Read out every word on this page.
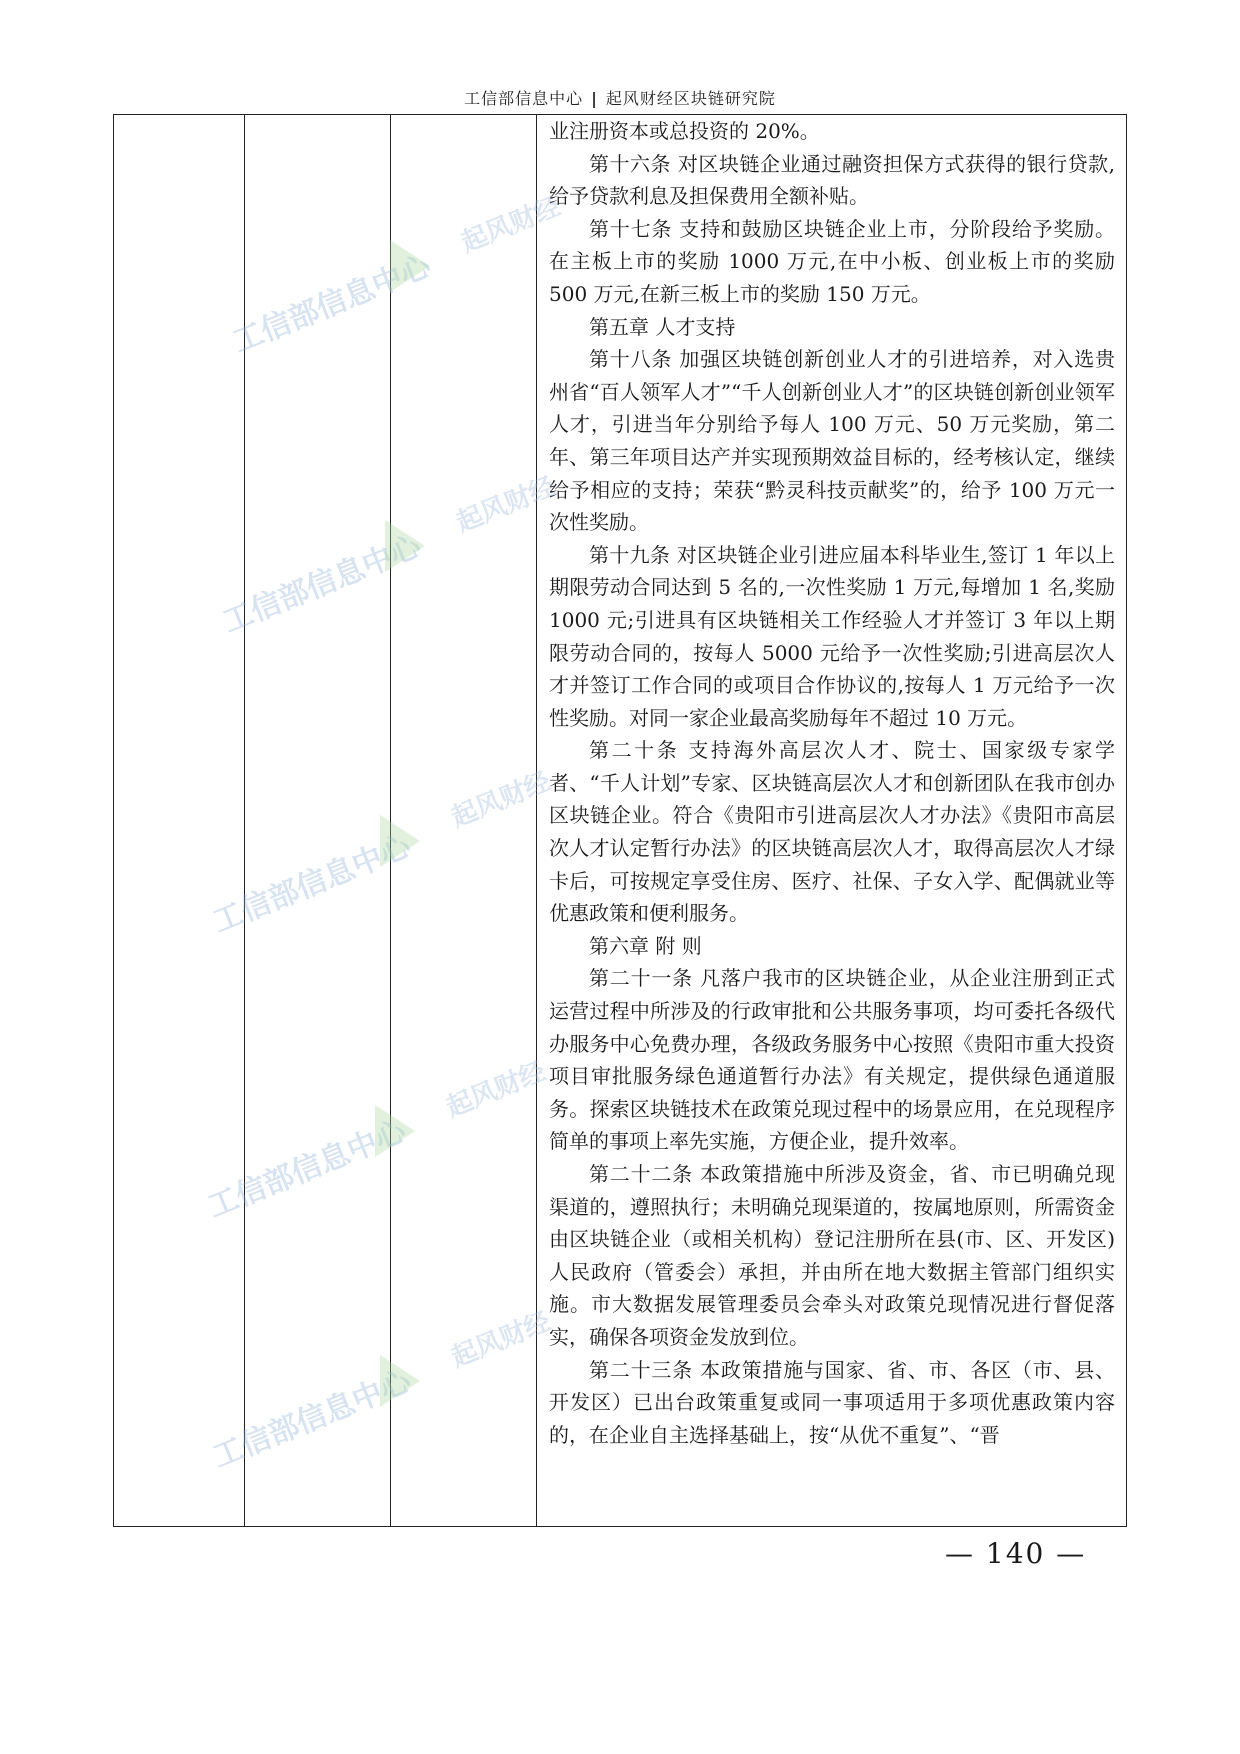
工信部信息中心 | 起风财经区块链研究院

业注册资本或总投资的 20%。

第十六条 对区块链企业通过融资担保方式获得的银行贷款,给予贷款利息及担保费用全额补贴。

第十七条 支持和鼓励区块链企业上市，分阶段给予奖励。在主板上市的奖励 1000 万元,在中小板、创业板上市的奖励 500 万元,在新三板上市的奖励 150 万元。

第五章 人才支持

第十八条 加强区块链创新创业人才的引进培养，对入选贵州省“百人领军人才”“千人创新创业人才”的区块链创新创业领军人才，引进当年分别给予每人 100 万元、50 万元奖励，第二年、第三年项目达产并实现预期效益目标的，经考核认定，继续给予相应的支持；荣获“黔灵科技贡献奖”的，给予 100 万元一次性奖励。

第十九条 对区块链企业引进应届本科毕业生,签订 1 年以上期限劳动合同达到 5 名的,一次性奖励 1 万元,每增加 1 名,奖励 1000 元;引进具有区块链相关工作经验人才并签订 3 年以上期限劳动合同的，按每人 5000 元给予一次性奖励;引进高层次人才并签订工作合同的或项目合作协议的,按每人 1 万元给予一次性奖励。对同一家企业最高奖励每年不超过 10 万元。

第二十条 支持海外高层次人才、院士、国家级专家学者、“千人计划”专家、区块链高层次人才和创新团队在我市创办区块链企业。符合《贵阳市引进高层次人才办法》《贵阳市高层次人才认定暂行办法》的区块链高层次人才，取得高层次人才绿卡后，可按规定享受住房、医疗、社保、子女入学、配偶就业等优惠政策和便利服务。

第六章 附 则

第二十一条 凡落户我市的区块链企业，从企业注册到正式运营过程中所涉及的行政审批和公共服务事项，均可委托各级代办服务中心免费办理，各级政务服务中心按照《贵阳市重大投资项目审批服务绿色通道暂行办法》有关规定，提供绿色通道服务。探索区块链技术在政策兑现过程中的场景应用，在兑现程序简单的事项上率先实施，方便企业，提升效率。

第二十二条 本政策措施中所涉及资金，省、市已明确兑现渠道的，遵照执行；未明确兑现渠道的，按属地原则，所需资金由区块链企业（或相关机构）登记注册所在县(市、区、开发区)人民政府（管委会）承担，并由所在地大数据主管部门组织实施。市大数据发展管理委员会牵头对政策兑现情况进行督促落实，确保各项资金发放到位。

第二十三条 本政策措施与国家、省、市、各区（市、县、开发区）已出台政策重复或同一事项适用于多项优惠政策内容的，在企业自主选择基础上，按“从优不重复”、“晋

工信部信息中心
起风财经
工信部信息中心
起风财经
工信部信息中心
起风财经
工信部信息中心
起风财经
工信部信息中心
起风财经
— 140 —
